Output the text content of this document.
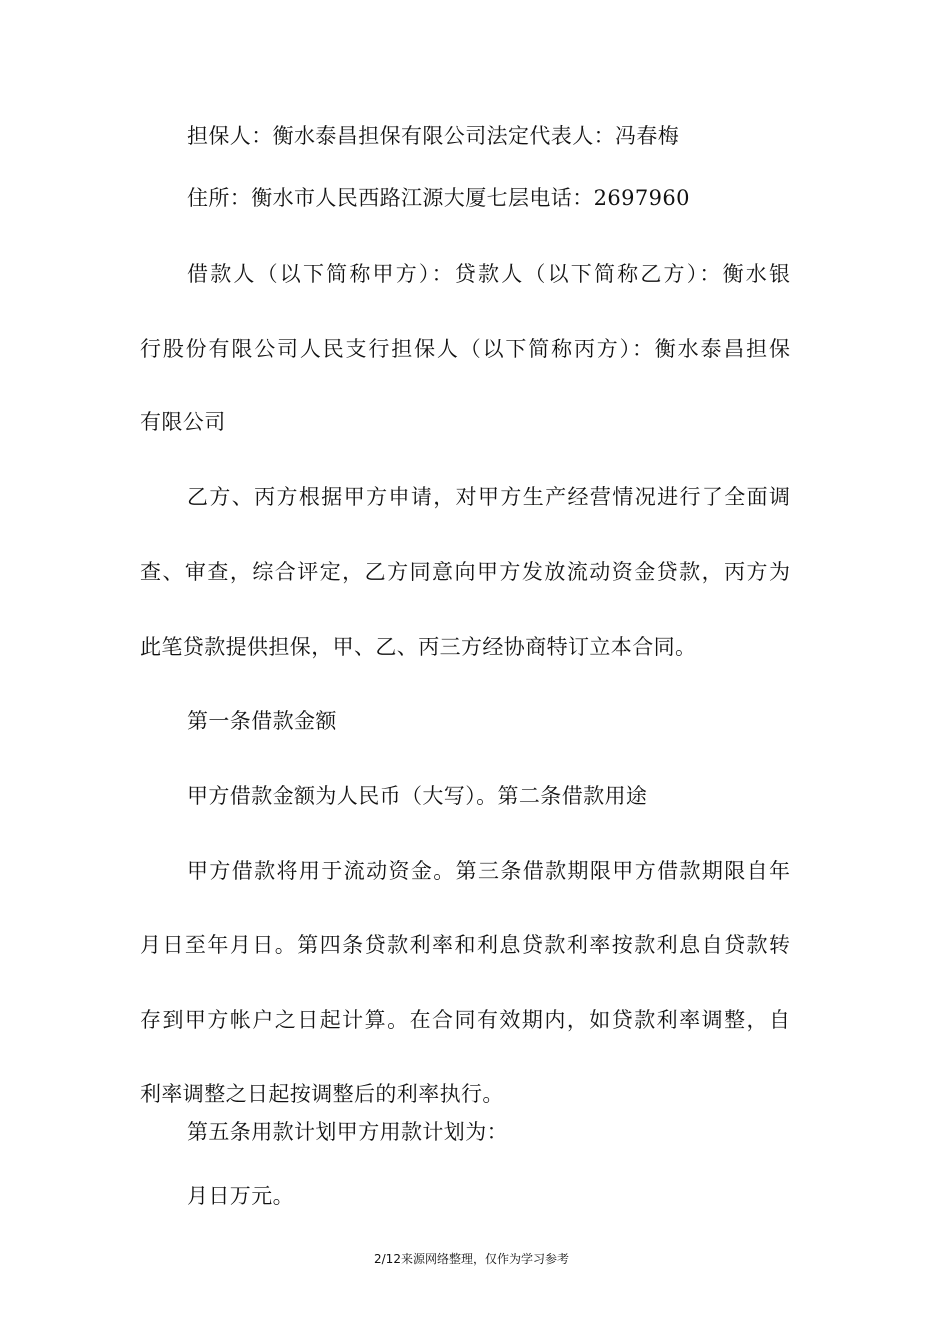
担保人：衡水泰昌担保有限公司法定代表人：冯春梅
住所：衡水市人民西路江源大厦七层电话：2697960
借款人（以下简称甲方）：贷款人（以下简称乙方）：衡水银
行股份有限公司人民支行担保人（以下简称丙方）：衡水泰昌担保
有限公司
乙方、丙方根据甲方申请，对甲方生产经营情况进行了全面调
查、审查，综合评定，乙方同意向甲方发放流动资金贷款，丙方为
此笔贷款提供担保，甲、乙、丙三方经协商特订立本合同。
第一条借款金额
甲方借款金额为人民币（大写）。第二条借款用途
甲方借款将用于流动资金。第三条借款期限甲方借款期限自年
月日至年月日。第四条贷款利率和利息贷款利率按款利息自贷款转
存到甲方帐户之日起计算。在合同有效期内，如贷款利率调整，自
利率调整之日起按调整后的利率执行。
第五条用款计划甲方用款计划为：
月日万元。
2/12来源网络整理，仅作为学习参考
